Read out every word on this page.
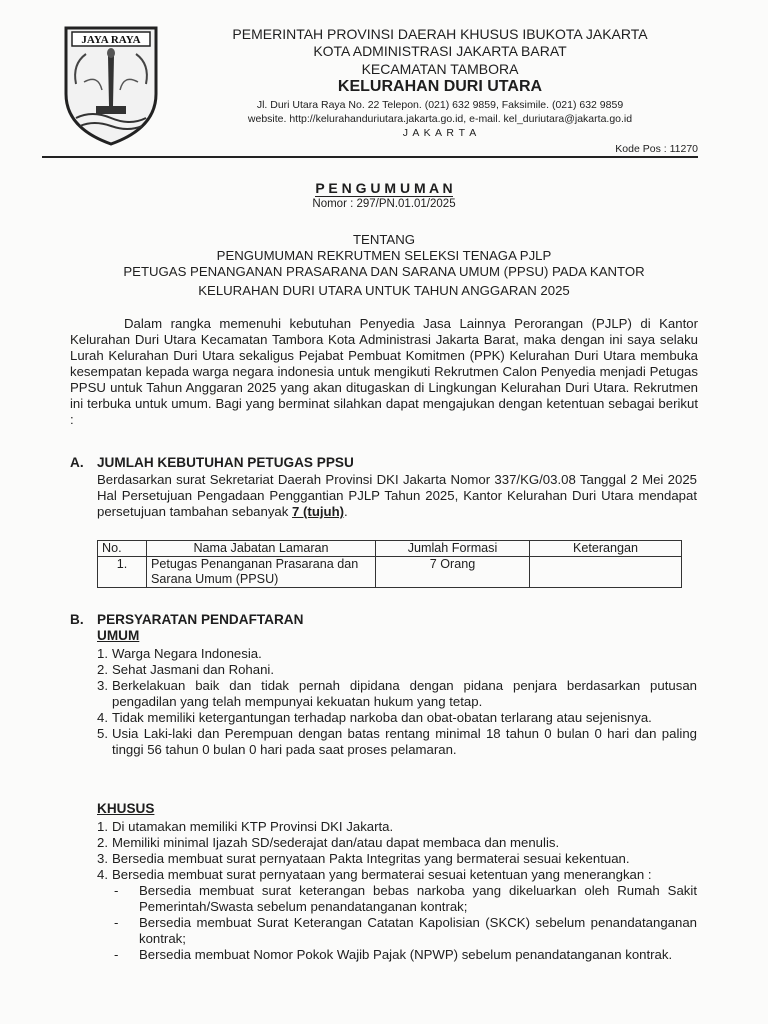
JAYA RAYA	PEMERINTAH PROVINSI DAERAH KHUSUS IBUKOTA JAKARTA
KOTA ADMINISTRASI JAKARTA BARAT
KECAMATAN TAMBORA
KELURAHAN DURI UTARA
Jl. Duri Utara Raya No. 22 Telepon. (021) 632 9859, Faksimile. (021) 632 9859
website. http://kelurahanduriutara.jakarta.go.id, e-mail. kel_duriutara@jakarta.go.id
J A K A R T A
Kode Pos : 11270
P E N G U M U M A N
Nomor : 297/PN.01.01/2025
TENTANG
PENGUMUMAN REKRUTMEN SELEKSI TENAGA PJLP
PETUGAS PENANGANAN PRASARANA DAN SARANA UMUM (PPSU) PADA KANTOR
KELURAHAN DURI UTARA UNTUK TAHUN ANGGARAN 2025
Dalam rangka memenuhi kebutuhan Penyedia Jasa Lainnya Perorangan (PJLP) di Kantor Kelurahan Duri Utara Kecamatan Tambora Kota Administrasi Jakarta Barat, maka dengan ini saya selaku Lurah Kelurahan Duri Utara sekaligus Pejabat Pembuat Komitmen (PPK) Kelurahan Duri Utara membuka kesempatan kepada warga negara indonesia untuk mengikuti Rekrutmen Calon Penyedia menjadi Petugas PPSU untuk Tahun Anggaran 2025 yang akan ditugaskan di Lingkungan Kelurahan Duri Utara. Rekrutmen ini terbuka untuk umum. Bagi yang berminat silahkan dapat mengajukan dengan ketentuan sebagai berikut :
A. JUMLAH KEBUTUHAN PETUGAS PPSU
Berdasarkan surat Sekretariat Daerah Provinsi DKI Jakarta Nomor 337/KG/03.08 Tanggal 2 Mei 2025 Hal Persetujuan Pengadaan Penggantian PJLP Tahun 2025, Kantor Kelurahan Duri Utara mendapat persetujuan tambahan sebanyak 7 (tujuh).
No.	Nama Jabatan Lamaran	Jumlah Formasi	Keterangan
1.	Petugas Penanganan Prasarana dan Sarana Umum (PPSU)	7 Orang	
B. PERSYARATAN PENDAFTARAN
UMUM
1. Warga Negara Indonesia.
2. Sehat Jasmani dan Rohani.
3. Berkelakuan baik dan tidak pernah dipidana dengan pidana penjara berdasarkan putusan pengadilan yang telah mempunyai kekuatan hukum yang tetap.
4. Tidak memiliki ketergantungan terhadap narkoba dan obat-obatan terlarang atau sejenisnya.
5. Usia Laki-laki dan Perempuan dengan batas rentang minimal 18 tahun 0 bulan 0 hari dan paling tinggi 56 tahun 0 bulan 0 hari pada saat proses pelamaran.
KHUSUS
1. Di utamakan memiliki KTP Provinsi DKI Jakarta.
2. Memiliki minimal Ijazah SD/sederajat dan/atau dapat membaca dan menulis.
3. Bersedia membuat surat pernyataan Pakta Integritas yang bermaterai sesuai kekentuan.
4. Bersedia membuat surat pernyataan yang bermaterai sesuai ketentuan yang menerangkan :
-	Bersedia membuat surat keterangan bebas narkoba yang dikeluarkan oleh Rumah Sakit Pemerintah/Swasta sebelum penandatanganan kontrak;
-	Bersedia membuat Surat Keterangan Catatan Kapolisian (SKCK) sebelum penandatanganan kontrak;
-	Bersedia membuat Nomor Pokok Wajib Pajak (NPWP) sebelum penandatanganan kontrak.
